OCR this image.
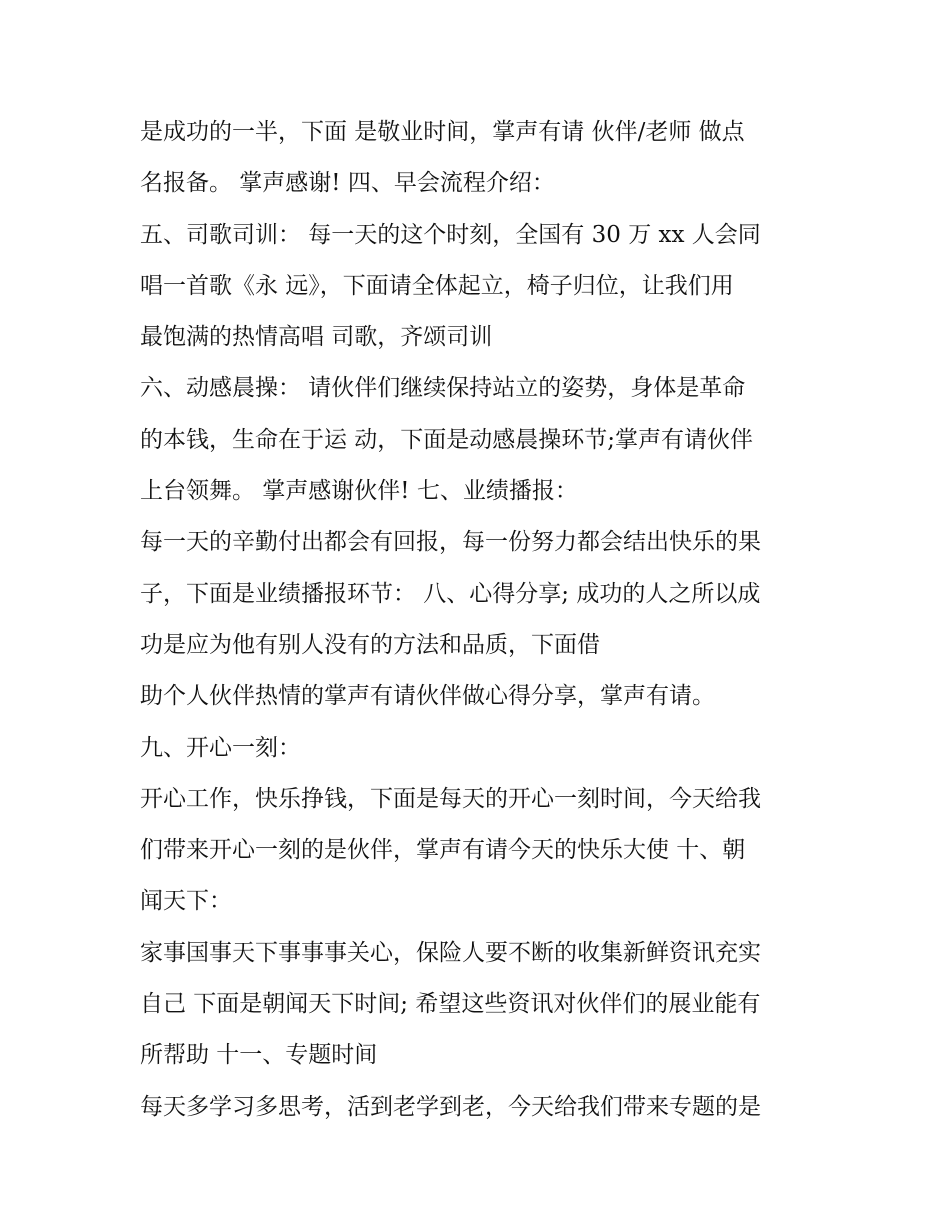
是成功的一半，下面 是敬业时间，掌声有请 伙伴/老师 做点
名报备。 掌声感谢! 四、早会流程介绍：
五、司歌司训： 每一天的这个时刻，全国有 30 万 xx 人会同
唱一首歌《永 远》，下面请全体起立，椅子归位，让我们用
最饱满的热情高唱 司歌，齐颂司训
六、动感晨操： 请伙伴们继续保持站立的姿势，身体是革命
的本钱，生命在于运 动，下面是动感晨操环节;掌声有请伙伴
上台领舞。 掌声感谢伙伴! 七、业绩播报：
每一天的辛勤付出都会有回报，每一份努力都会结出快乐的果
子，下面是业绩播报环节： 八、心得分享; 成功的人之所以成
功是应为他有别人没有的方法和品质，下面借
助个人伙伴热情的掌声有请伙伴做心得分享，掌声有请。
九、开心一刻：
开心工作，快乐挣钱，下面是每天的开心一刻时间，今天给我
们带来开心一刻的是伙伴，掌声有请今天的快乐大使 十、朝
闻天下：
家事国事天下事事事关心，保险人要不断的收集新鲜资讯充实
自己 下面是朝闻天下时间; 希望这些资讯对伙伴们的展业能有
所帮助 十一、专题时间
每天多学习多思考，活到老学到老，今天给我们带来专题的是
